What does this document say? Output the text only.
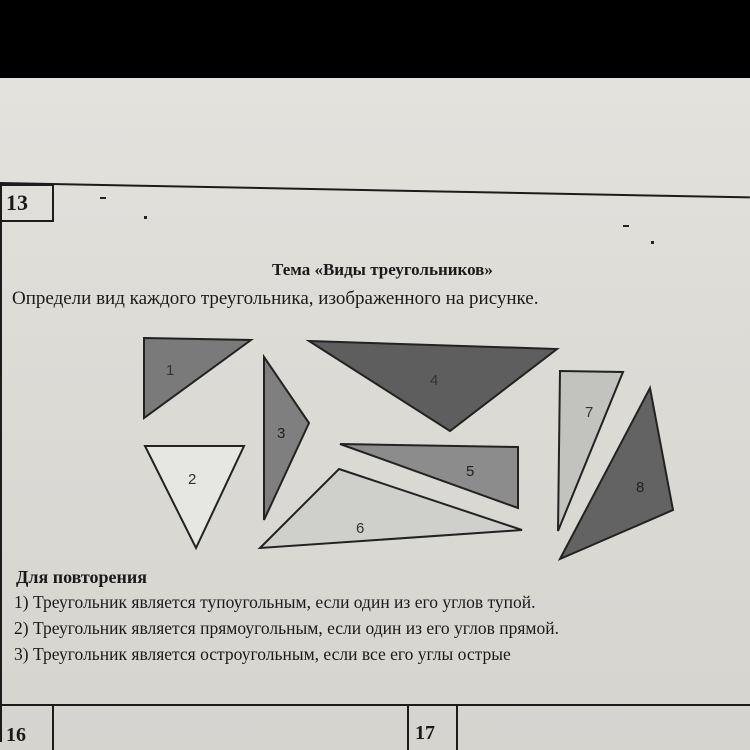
13
Тема «Виды треугольников»
Определи вид каждого треугольника, изображенного на рисунке.
1
2
3
4
5
6
7
8
Для повторения
1) Треугольник является тупоугольным, если один из его углов тупой.
2) Треугольник является прямоугольным, если один из его углов прямой.
3) Треугольник является остроугольным, если все его углы острые
16	17
